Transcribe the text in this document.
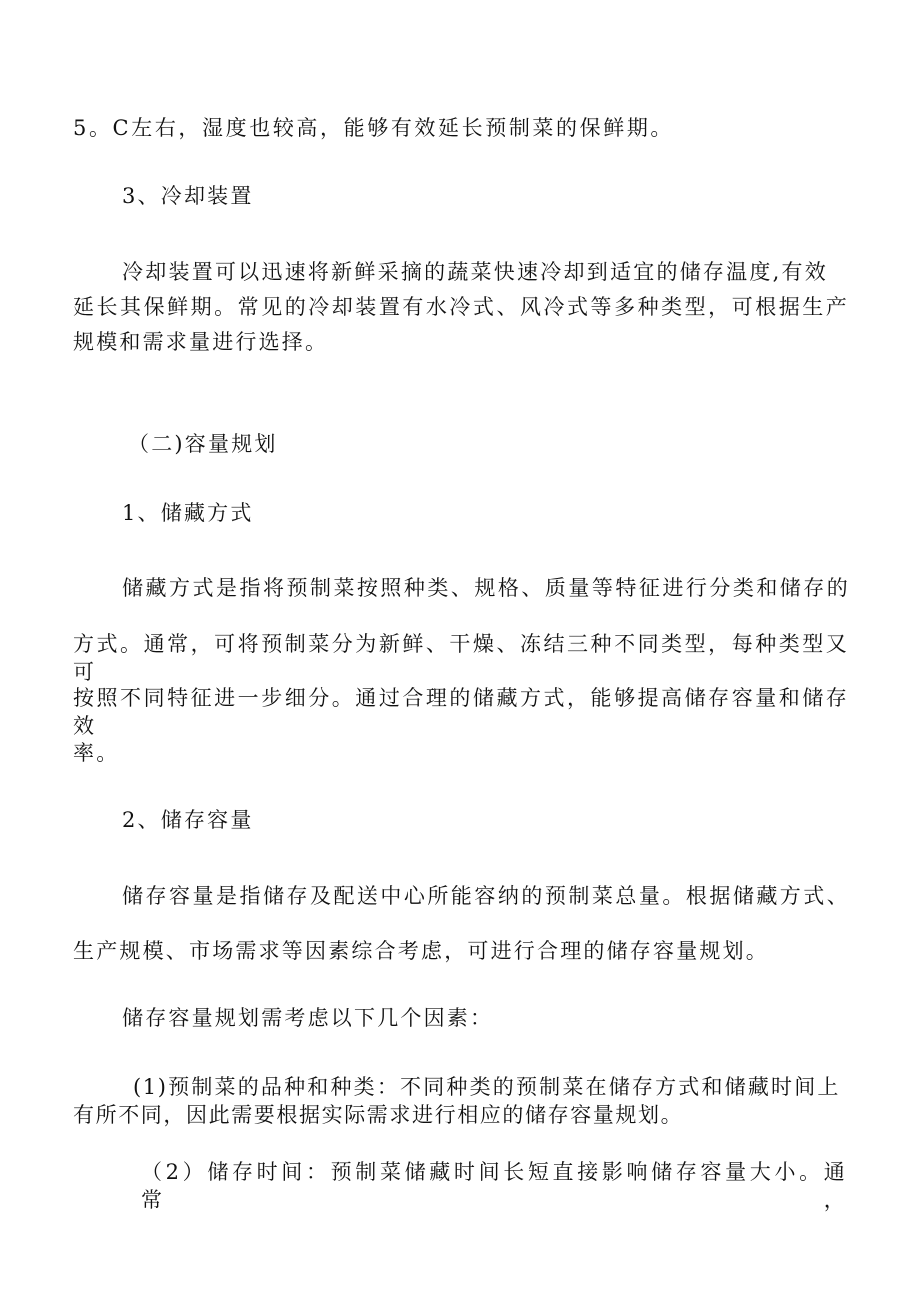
5。C左右，湿度也较高，能够有效延长预制菜的保鲜期。
3、冷却装置
冷却装置可以迅速将新鲜采摘的蔬菜快速冷却到适宜的储存温度,有效
延长其保鲜期。常见的冷却装置有水冷式、风冷式等多种类型，可根据生产
规模和需求量进行选择。
（二)容量规划
1、储藏方式
储藏方式是指将预制菜按照种类、规格、质量等特征进行分类和储存的
方式。通常，可将预制菜分为新鲜、干燥、冻结三种不同类型，每种类型又可
按照不同特征进一步细分。通过合理的储藏方式，能够提高储存容量和储存效
率。
2、储存容量
储存容量是指储存及配送中心所能容纳的预制菜总量。根据储藏方式、
生产规模、市场需求等因素综合考虑，可进行合理的储存容量规划。
储存容量规划需考虑以下几个因素：
(1)预制菜的品种和种类：不同种类的预制菜在储存方式和储藏时间上
有所不同，因此需要根据实际需求进行相应的储存容量规划。
（2）储存时间：预制菜储藏时间长短直接影响储存容量大小。通常，
